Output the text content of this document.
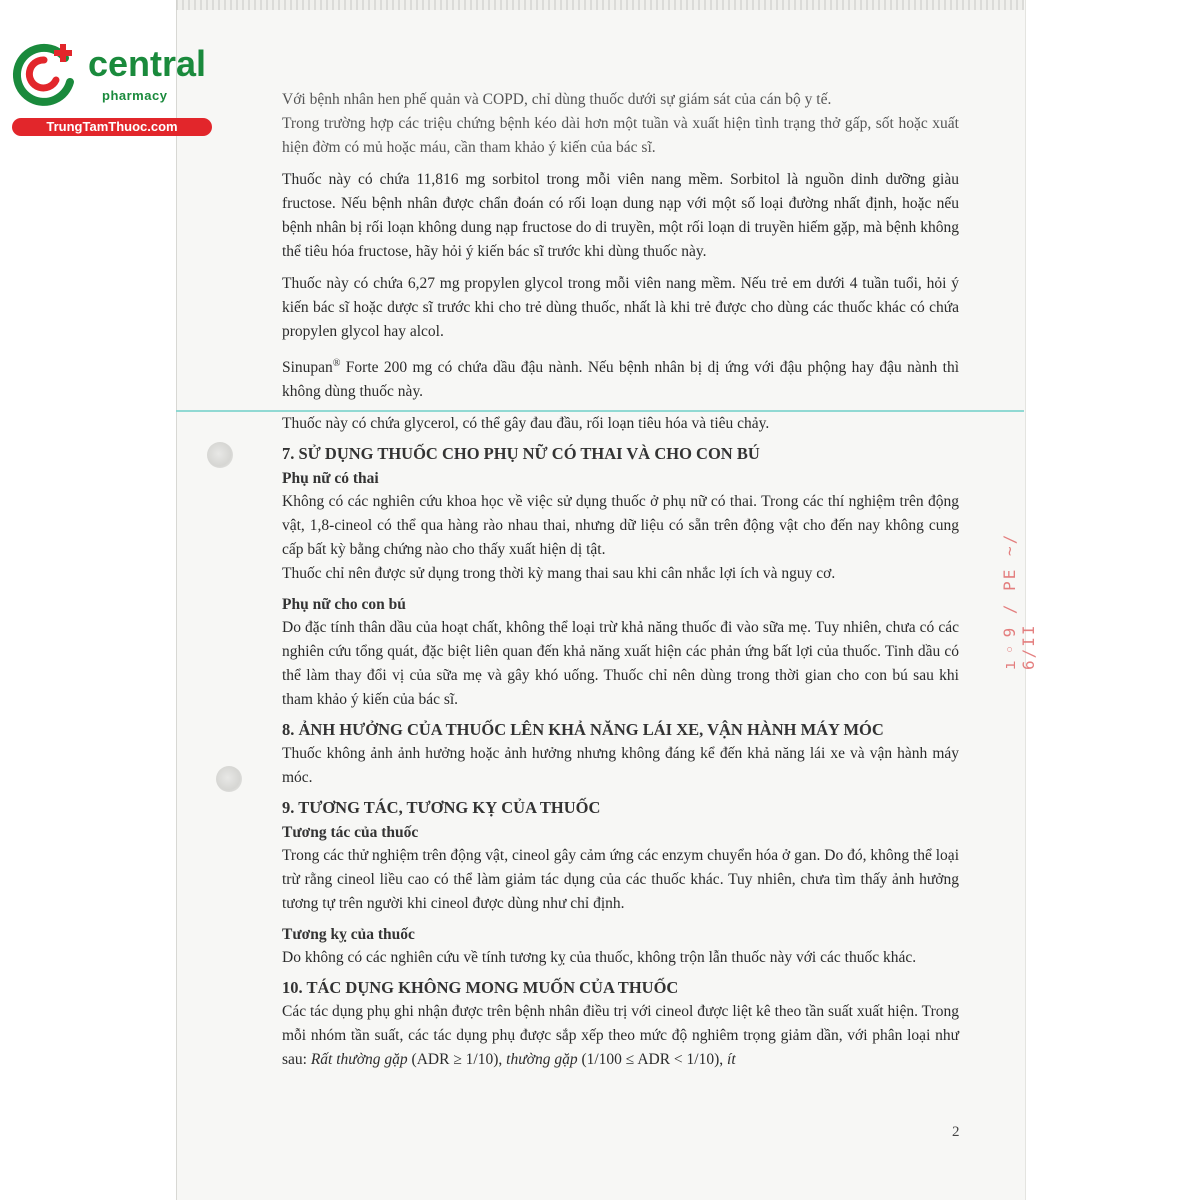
ı◦9 / PE ~/ 6/II
central
pharmacy
TrungTamThuoc.com

Với bệnh nhân hen phế quản và COPD, chỉ dùng thuốc dưới sự giám sát của cán bộ y tế.

Trong trường hợp các triệu chứng bệnh kéo dài hơn một tuần và xuất hiện tình trạng thở gấp, sốt hoặc xuất hiện đờm có mủ hoặc máu, cần tham khảo ý kiến của bác sĩ.

Thuốc này có chứa 11,816 mg sorbitol trong mỗi viên nang mềm. Sorbitol là nguồn dinh dưỡng giàu fructose. Nếu bệnh nhân được chẩn đoán có rối loạn dung nạp với một số loại đường nhất định, hoặc nếu bệnh nhân bị rối loạn không dung nạp fructose do di truyền, một rối loạn di truyền hiếm gặp, mà bệnh không thể tiêu hóa fructose, hãy hỏi ý kiến bác sĩ trước khi dùng thuốc này.

Thuốc này có chứa 6,27 mg propylen glycol trong mỗi viên nang mềm. Nếu trẻ em dưới 4 tuần tuổi, hỏi ý kiến bác sĩ hoặc dược sĩ trước khi cho trẻ dùng thuốc, nhất là khi trẻ được cho dùng các thuốc khác có chứa propylen glycol hay alcol.

Sinupan® Forte 200 mg có chứa dầu đậu nành. Nếu bệnh nhân bị dị ứng với đậu phộng hay đậu nành thì không dùng thuốc này.

Thuốc này có chứa glycerol, có thể gây đau đầu, rối loạn tiêu hóa và tiêu chảy.

7. SỬ DỤNG THUỐC CHO PHỤ NỮ CÓ THAI VÀ CHO CON BÚ
Phụ nữ có thai

Không có các nghiên cứu khoa học về việc sử dụng thuốc ở phụ nữ có thai. Trong các thí nghiệm trên động vật, 1,8-cineol có thể qua hàng rào nhau thai, nhưng dữ liệu có sẵn trên động vật cho đến nay không cung cấp bất kỳ bằng chứng nào cho thấy xuất hiện dị tật.

Thuốc chỉ nên được sử dụng trong thời kỳ mang thai sau khi cân nhắc lợi ích và nguy cơ.

Phụ nữ cho con bú

Do đặc tính thân dầu của hoạt chất, không thể loại trừ khả năng thuốc đi vào sữa mẹ. Tuy nhiên, chưa có các nghiên cứu tổng quát, đặc biệt liên quan đến khả năng xuất hiện các phản ứng bất lợi của thuốc. Tinh dầu có thể làm thay đổi vị của sữa mẹ và gây khó uống. Thuốc chỉ nên dùng trong thời gian cho con bú sau khi tham khảo ý kiến của bác sĩ.

8. ẢNH HƯỞNG CỦA THUỐC LÊN KHẢ NĂNG LÁI XE, VẬN HÀNH MÁY MÓC

Thuốc không ảnh ảnh hưởng hoặc ảnh hưởng nhưng không đáng kể đến khả năng lái xe và vận hành máy móc.

9. TƯƠNG TÁC, TƯƠNG KỴ CỦA THUỐC
Tương tác của thuốc

Trong các thử nghiệm trên động vật, cineol gây cảm ứng các enzym chuyển hóa ở gan. Do đó, không thể loại trừ rằng cineol liều cao có thể làm giảm tác dụng của các thuốc khác. Tuy nhiên, chưa tìm thấy ảnh hưởng tương tự trên người khi cineol được dùng như chỉ định.

Tương kỵ của thuốc

Do không có các nghiên cứu về tính tương kỵ của thuốc, không trộn lẫn thuốc này với các thuốc khác.

10. TÁC DỤNG KHÔNG MONG MUỐN CỦA THUỐC

Các tác dụng phụ ghi nhận được trên bệnh nhân điều trị với cineol được liệt kê theo tần suất xuất hiện. Trong mỗi nhóm tần suất, các tác dụng phụ được sắp xếp theo mức độ nghiêm trọng giảm dần, với phân loại như sau: Rất thường gặp (ADR ≥ 1/10), thường gặp (1/100 ≤ ADR < 1/10), ít

2
